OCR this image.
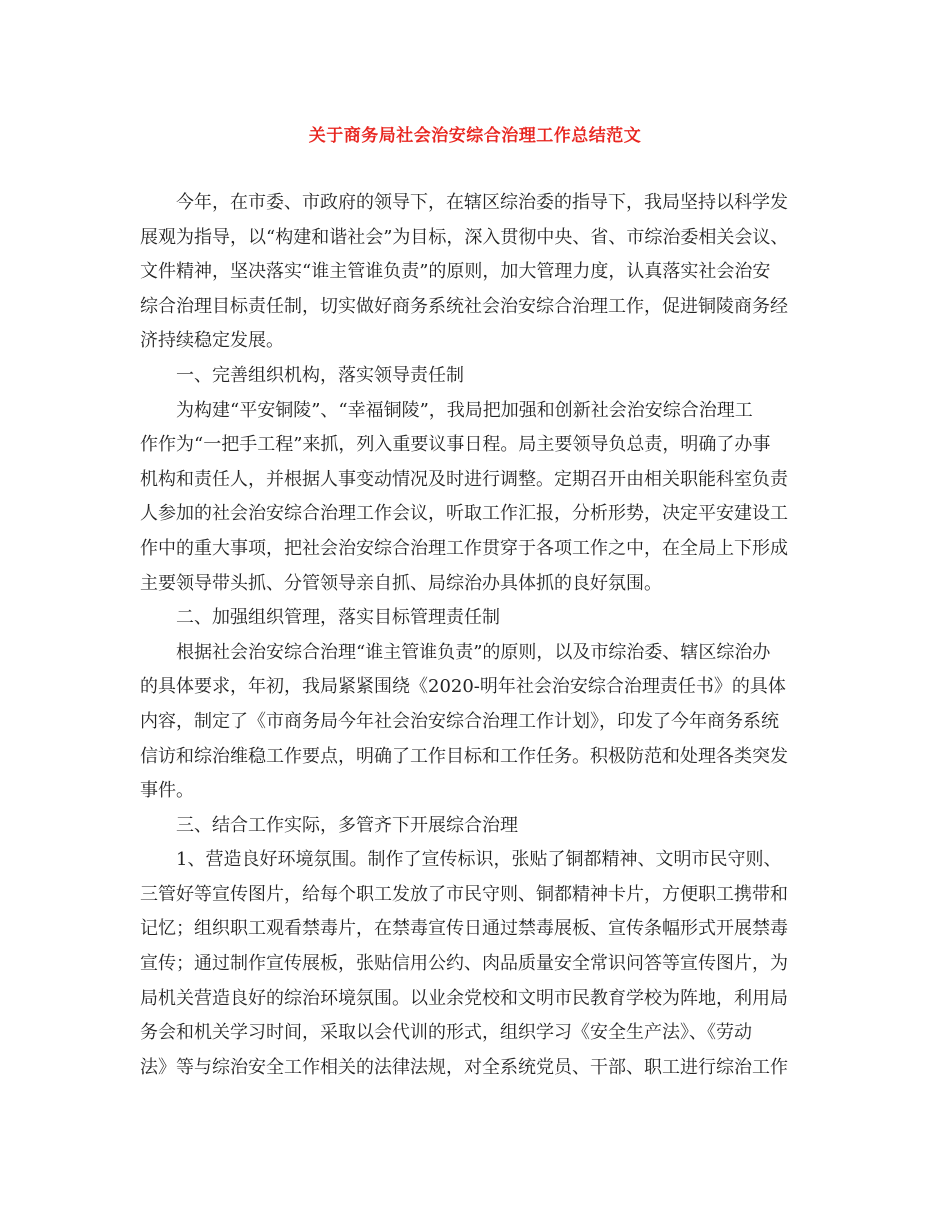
关于商务局社会治安综合治理工作总结范文
今年，在市委、市政府的领导下，在辖区综治委的指导下，我局坚持以科学发
展观为指导，以“构建和谐社会”为目标，深入贯彻中央、省、市综治委相关会议、
文件精神，坚决落实“谁主管谁负责”的原则，加大管理力度，认真落实社会治安
综合治理目标责任制，切实做好商务系统社会治安综合治理工作，促进铜陵商务经
济持续稳定发展。
一、完善组织机构，落实领导责任制
为构建“平安铜陵”、“幸福铜陵”，我局把加强和创新社会治安综合治理工
作作为“一把手工程”来抓，列入重要议事日程。局主要领导负总责，明确了办事
机构和责任人，并根据人事变动情况及时进行调整。定期召开由相关职能科室负责
人参加的社会治安综合治理工作会议，听取工作汇报，分析形势，决定平安建设工
作中的重大事项，把社会治安综合治理工作贯穿于各项工作之中，在全局上下形成
主要领导带头抓、分管领导亲自抓、局综治办具体抓的良好氛围。
二、加强组织管理，落实目标管理责任制
根据社会治安综合治理“谁主管谁负责”的原则，以及市综治委、辖区综治办
的具体要求，年初，我局紧紧围绕《2020-明年社会治安综合治理责任书》的具体
内容，制定了《市商务局今年社会治安综合治理工作计划》，印发了今年商务系统
信访和综治维稳工作要点，明确了工作目标和工作任务。积极防范和处理各类突发
事件。
三、结合工作实际，多管齐下开展综合治理
1、营造良好环境氛围。制作了宣传标识，张贴了铜都精神、文明市民守则、
三管好等宣传图片，给每个职工发放了市民守则、铜都精神卡片，方便职工携带和
记忆；组织职工观看禁毒片，在禁毒宣传日通过禁毒展板、宣传条幅形式开展禁毒
宣传；通过制作宣传展板，张贴信用公约、肉品质量安全常识问答等宣传图片，为
局机关营造良好的综治环境氛围。以业余党校和文明市民教育学校为阵地，利用局
务会和机关学习时间，采取以会代训的形式，组织学习《安全生产法》、《劳动
法》等与综治安全工作相关的法律法规，对全系统党员、干部、职工进行综治工作
